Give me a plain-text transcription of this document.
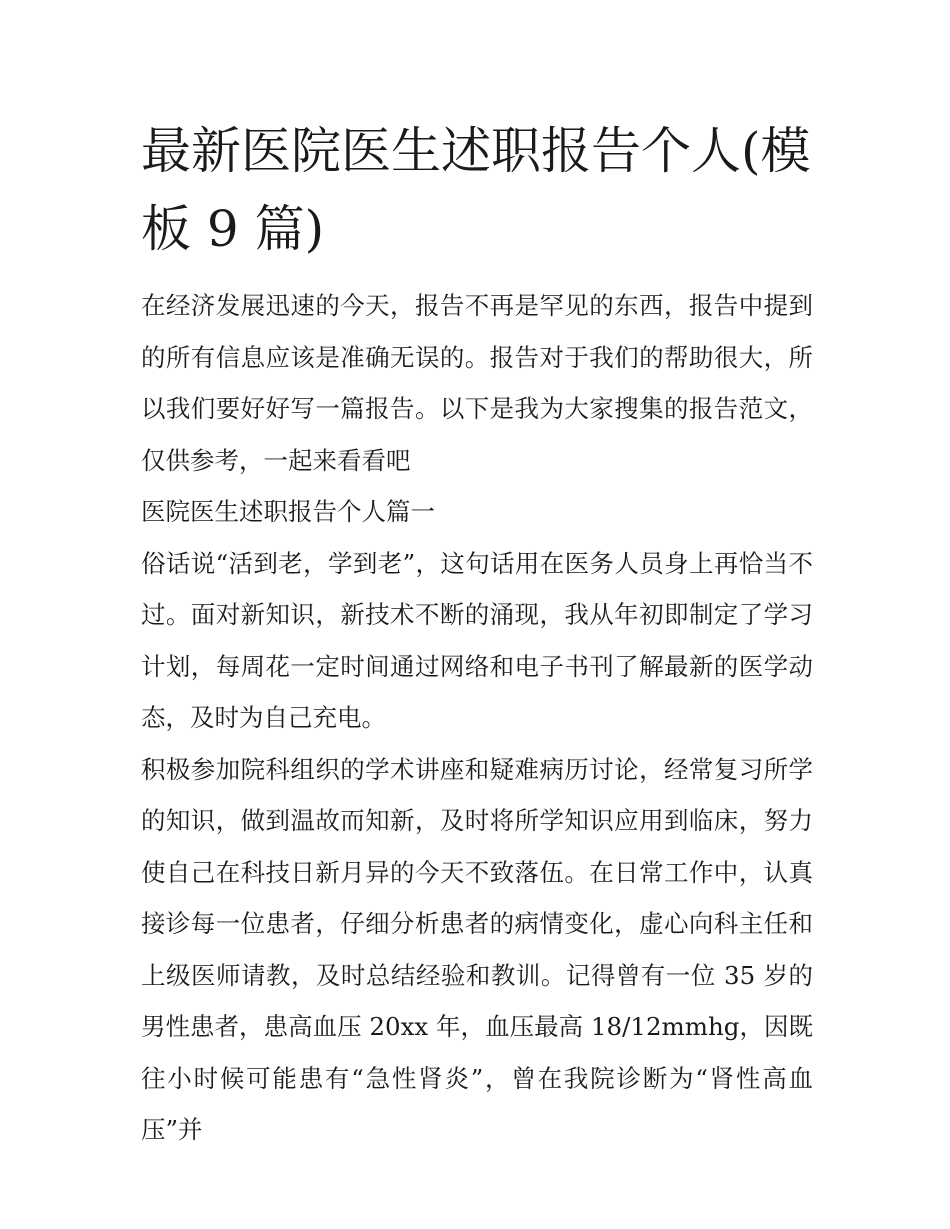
最新医院医生述职报告个人(模板 9 篇)

在经济发展迅速的今天，报告不再是罕见的东西，报告中提到的所有信息应该是准确无误的。报告对于我们的帮助很大，所以我们要好好写一篇报告。以下是我为大家搜集的报告范文，仅供参考，一起来看看吧

医院医生述职报告个人篇一

俗话说“活到老，学到老”，这句话用在医务人员身上再恰当不过。面对新知识，新技术不断的涌现，我从年初即制定了学习计划，每周花一定时间通过网络和电子书刊了解最新的医学动态，及时为自己充电。

积极参加院科组织的学术讲座和疑难病历讨论，经常复习所学的知识，做到温故而知新，及时将所学知识应用到临床，努力使自己在科技日新月异的今天不致落伍。在日常工作中，认真接诊每一位患者，仔细分析患者的病情变化，虚心向科主任和上级医师请教，及时总结经验和教训。记得曾有一位 35 岁的男性患者，患高血压 20xx 年，血压最高 18/12mmhg，因既往小时候可能患有“急性肾炎”，曾在我院诊断为“肾性高血压”并
